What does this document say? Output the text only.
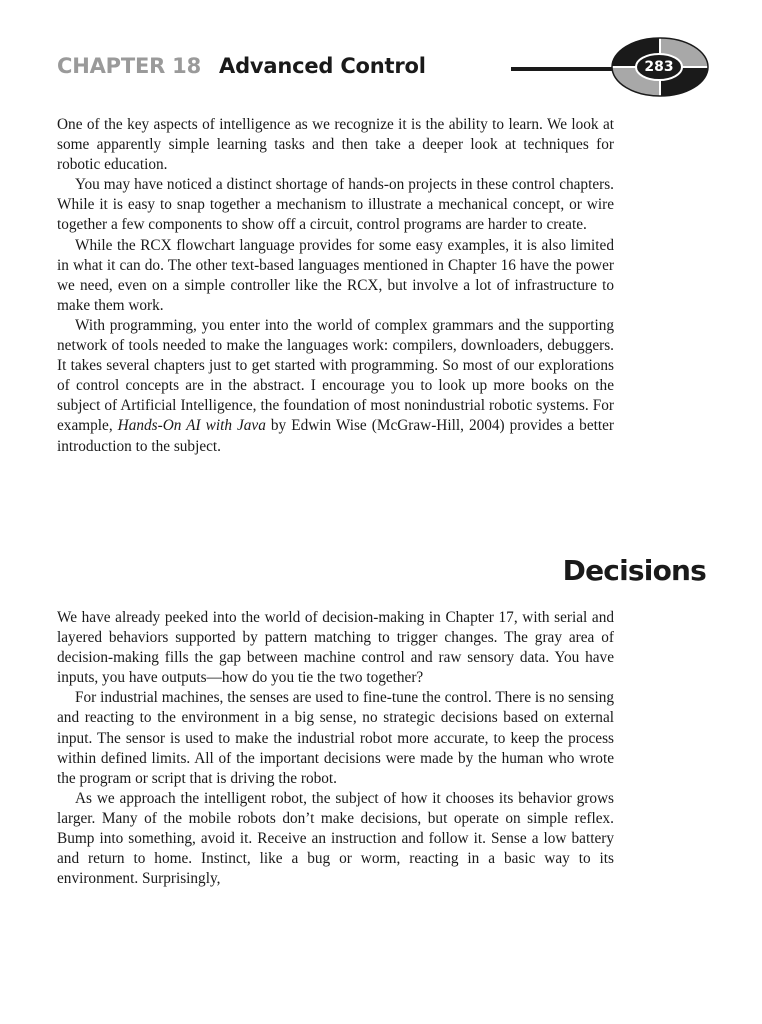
CHAPTER 18 Advanced Control	283

One of the key aspects of intelligence as we recognize it is the ability to learn. We look at some apparently simple learning tasks and then take a deeper look at techniques for robotic education.

You may have noticed a distinct shortage of hands-on projects in these control chapters. While it is easy to snap together a mechanism to illustrate a mechanical concept, or wire together a few components to show off a circuit, control programs are harder to create.

While the RCX flowchart language provides for some easy examples, it is also limited in what it can do. The other text-based languages mentioned in Chapter 16 have the power we need, even on a simple controller like the RCX, but involve a lot of infrastructure to make them work.

With programming, you enter into the world of complex grammars and the supporting network of tools needed to make the languages work: compilers, downloaders, debuggers. It takes several chapters just to get started with programming. So most of our explorations of control concepts are in the abstract. I encourage you to look up more books on the subject of Artificial Intelligence, the foundation of most nonindustrial robotic systems. For example, Hands-On AI with Java by Edwin Wise (McGraw-Hill, 2004) provides a better introduction to the subject.

Decisions

We have already peeked into the world of decision-making in Chapter 17, with serial and layered behaviors supported by pattern matching to trigger changes. The gray area of decision-making fills the gap between machine control and raw sensory data. You have inputs, you have outputs—how do you tie the two together?

For industrial machines, the senses are used to fine-tune the control. There is no sensing and reacting to the environment in a big sense, no strategic decisions based on external input. The sensor is used to make the industrial robot more accurate, to keep the process within defined limits. All of the important decisions were made by the human who wrote the program or script that is driving the robot.

As we approach the intelligent robot, the subject of how it chooses its behavior grows larger. Many of the mobile robots don’t make decisions, but operate on simple reflex. Bump into something, avoid it. Receive an instruction and follow it. Sense a low battery and return to home. Instinct, like a bug or worm, reacting in a basic way to its environment. Surprisingly,
